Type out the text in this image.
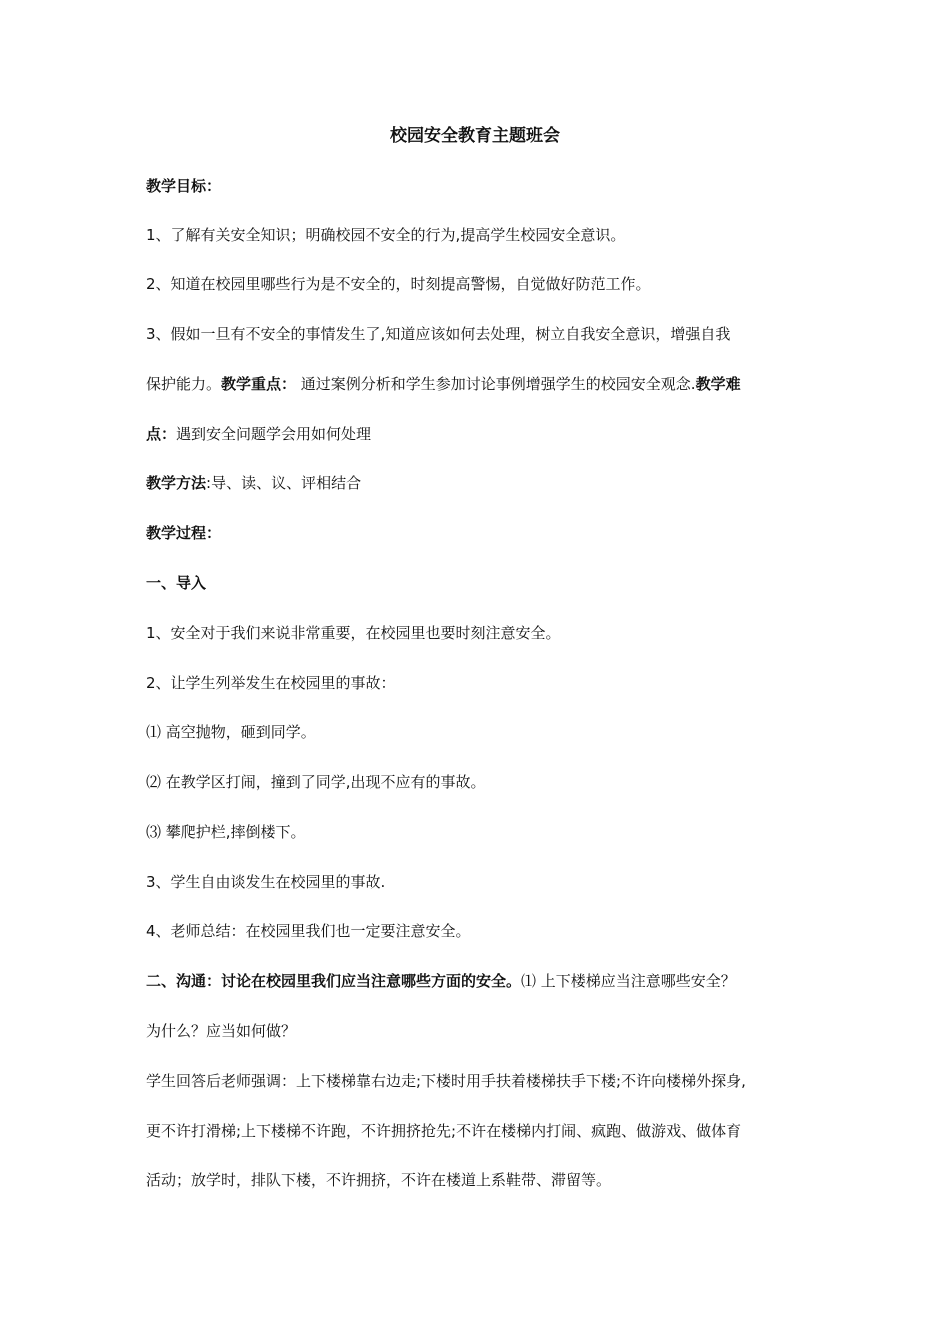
校园安全教育主题班会

教学目标：

1、了解有关安全知识；明确校园不安全的行为,提高学生校园安全意识。

2、知道在校园里哪些行为是不安全的，时刻提高警惕，自觉做好防范工作。

3、假如一旦有不安全的事情发生了,知道应该如何去处理，树立自我安全意识，增强自我

保护能力。教学重点： 通过案例分析和学生参加讨论事例增强学生的校园安全观念.教学难

点：遇到安全问题学会用如何处理

教学方法:导、读、议、评相结合

教学过程：

一、导入

1、安全对于我们来说非常重要，在校园里也要时刻注意安全。

2、让学生列举发生在校园里的事故：

⑴ 高空抛物，砸到同学。

⑵ 在教学区打闹，撞到了同学,出现不应有的事故。

⑶ 攀爬护栏,摔倒楼下。

3、学生自由谈发生在校园里的事故.

4、老师总结：在校园里我们也一定要注意安全。

二、沟通：讨论在校园里我们应当注意哪些方面的安全。⑴ 上下楼梯应当注意哪些安全？

为什么？应当如何做？

学生回答后老师强调：上下楼梯靠右边走;下楼时用手扶着楼梯扶手下楼;不许向楼梯外探身,

更不许打滑梯;上下楼梯不许跑，不许拥挤抢先;不许在楼梯内打闹、疯跑、做游戏、做体育

活动；放学时，排队下楼，不许拥挤，不许在楼道上系鞋带、滞留等。
